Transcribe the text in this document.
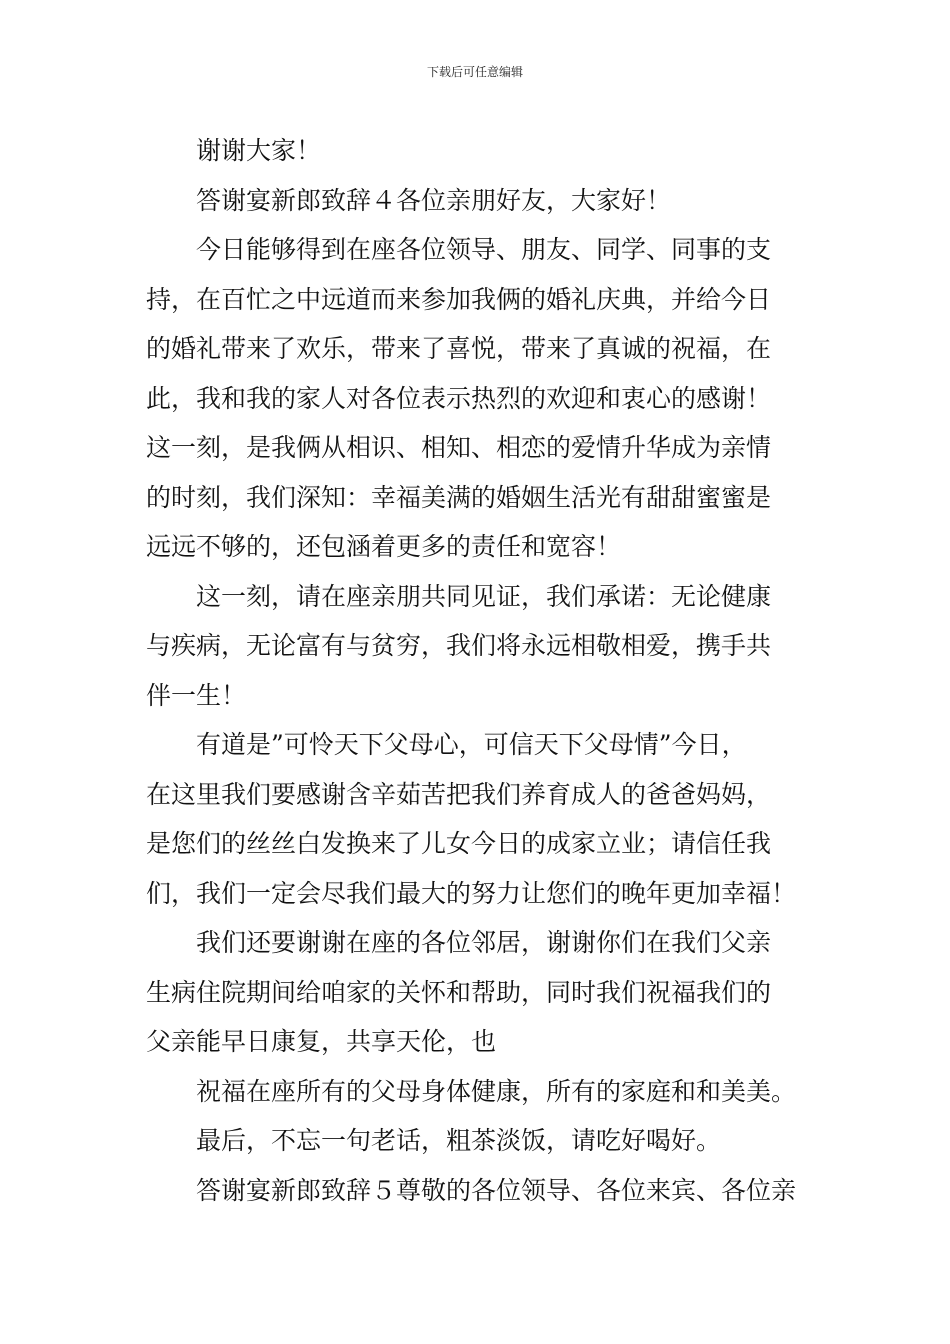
下载后可任意编辑
谢谢大家！
答谢宴新郎致辞４各位亲朋好友，大家好！
今日能够得到在座各位领导、朋友、同学、同事的支
持，在百忙之中远道而来参加我俩的婚礼庆典，并给今日
的婚礼带来了欢乐，带来了喜悦，带来了真诚的祝福，在
此，我和我的家人对各位表示热烈的欢迎和衷心的感谢！
这一刻，是我俩从相识、相知、相恋的爱情升华成为亲情
的时刻，我们深知：幸福美满的婚姻生活光有甜甜蜜蜜是
远远不够的，还包涵着更多的责任和宽容！
这一刻，请在座亲朋共同见证，我们承诺：无论健康
与疾病，无论富有与贫穷，我们将永远相敬相爱，携手共
伴一生！
有道是”可怜天下父母心，可信天下父母情”今日，
在这里我们要感谢含辛茹苦把我们养育成人的爸爸妈妈，
是您们的丝丝白发换来了儿女今日的成家立业；请信任我
们，我们一定会尽我们最大的努力让您们的晚年更加幸福！
我们还要谢谢在座的各位邻居，谢谢你们在我们父亲
生病住院期间给咱家的关怀和帮助，同时我们祝福我们的
父亲能早日康复，共享天伦，也
祝福在座所有的父母身体健康，所有的家庭和和美美。
最后，不忘一句老话，粗茶淡饭，请吃好喝好。
答谢宴新郎致辞５尊敬的各位领导、各位来宾、各位亲
